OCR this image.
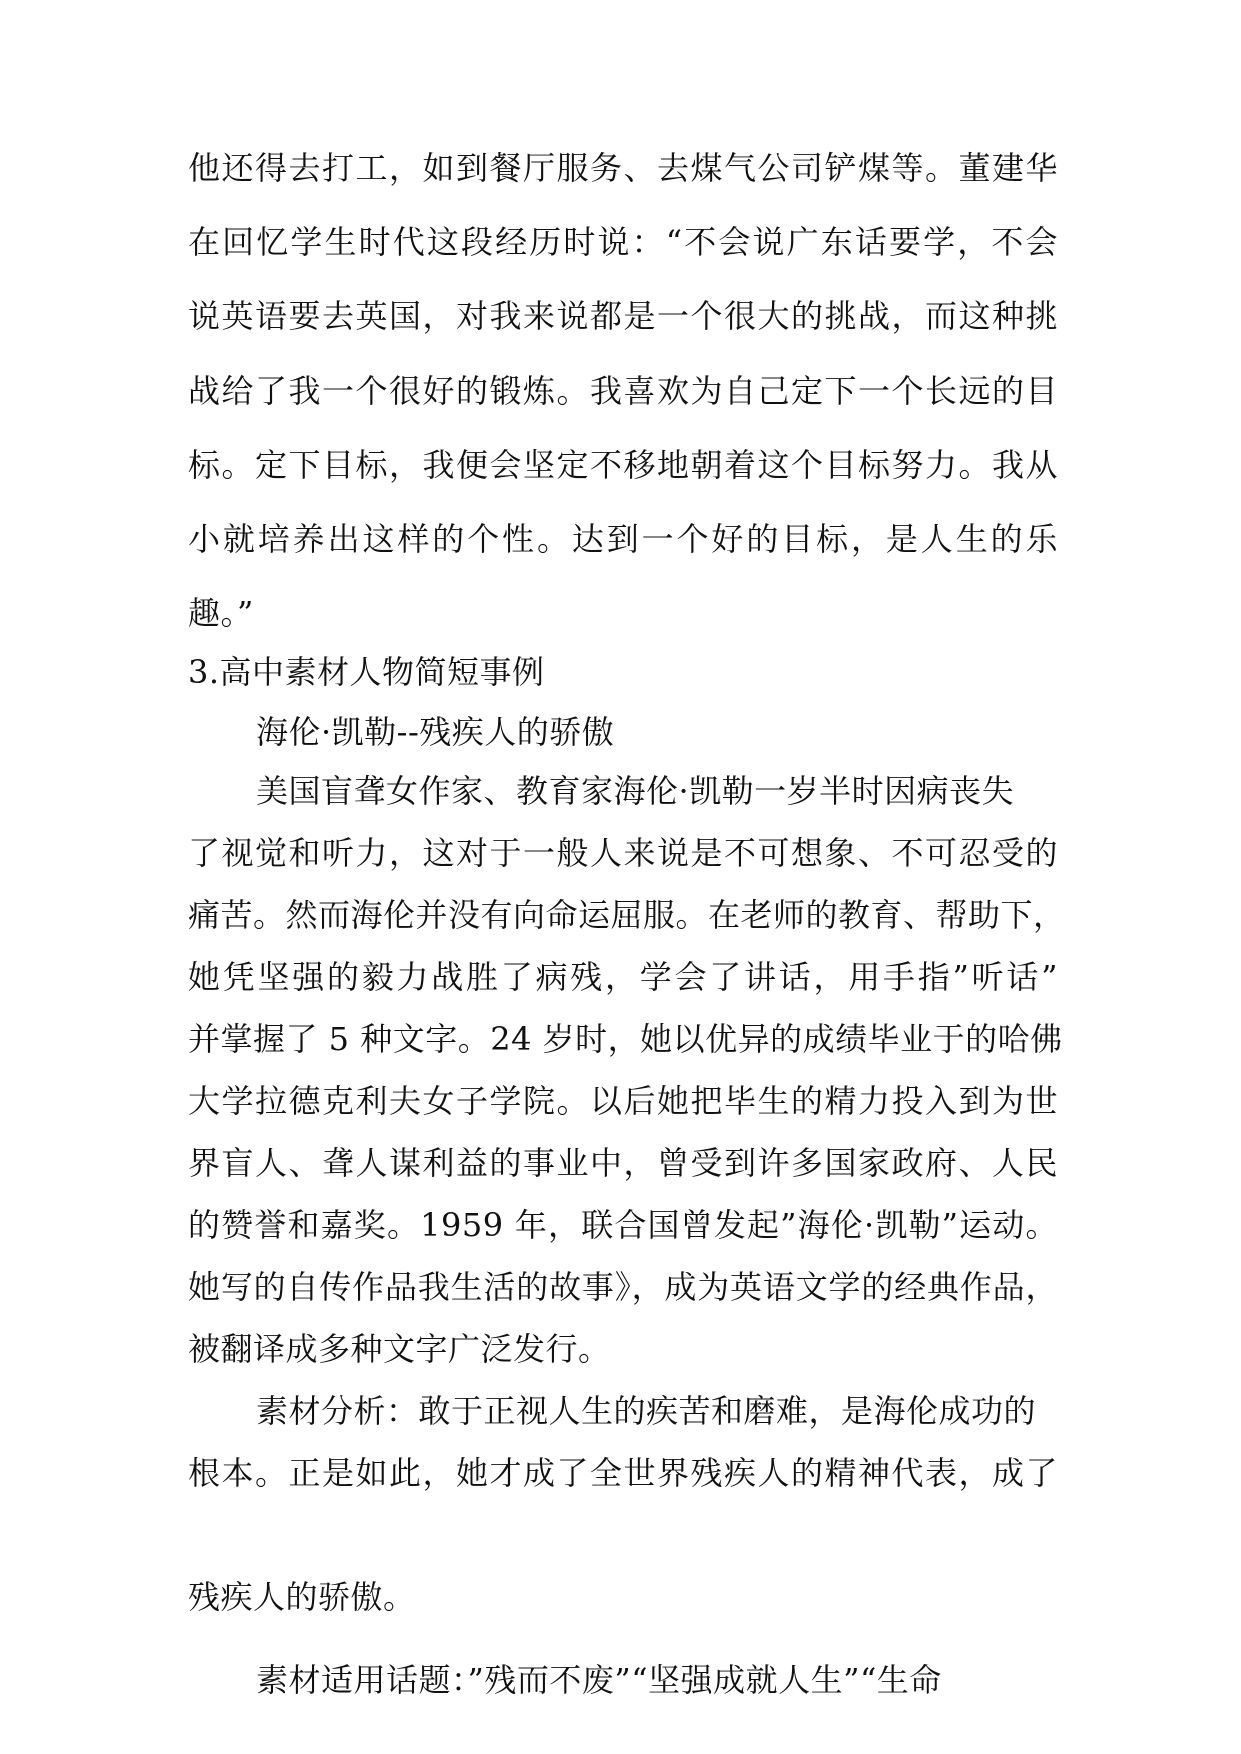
他还得去打工，如到餐厅服务、去煤气公司铲煤等。董建华
在回忆学生时代这段经历时说：“不会说广东话要学，不会
说英语要去英国，对我来说都是一个很大的挑战，而这种挑
战给了我一个很好的锻炼。我喜欢为自己定下一个长远的目
标。定下目标，我便会坚定不移地朝着这个目标努力。我从
小就培养出这样的个性。达到一个好的目标，是人生的乐
趣。”
3.高中素材人物简短事例
海伦·凯勒--残疾人的骄傲
美国盲聋女作家、教育家海伦·凯勒一岁半时因病丧失
了视觉和听力，这对于一般人来说是不可想象、不可忍受的
痛苦。然而海伦并没有向命运屈服。在老师的教育、帮助下，
她凭坚强的毅力战胜了病残，学会了讲话，用手指”听话”
并掌握了 5 种文字。24 岁时，她以优异的成绩毕业于的哈佛
大学拉德克利夫女子学院。以后她把毕生的精力投入到为世
界盲人、聋人谋利益的事业中，曾受到许多国家政府、人民
的赞誉和嘉奖。1959 年，联合国曾发起”海伦·凯勒”运动。
她写的自传作品我生活的故事》，成为英语文学的经典作品，
被翻译成多种文字广泛发行。
素材分析：敢于正视人生的疾苦和磨难，是海伦成功的
根本。正是如此，她才成了全世界残疾人的精神代表，成了
残疾人的骄傲。
素材适用话题：”残而不废”“坚强成就人生”“生命
